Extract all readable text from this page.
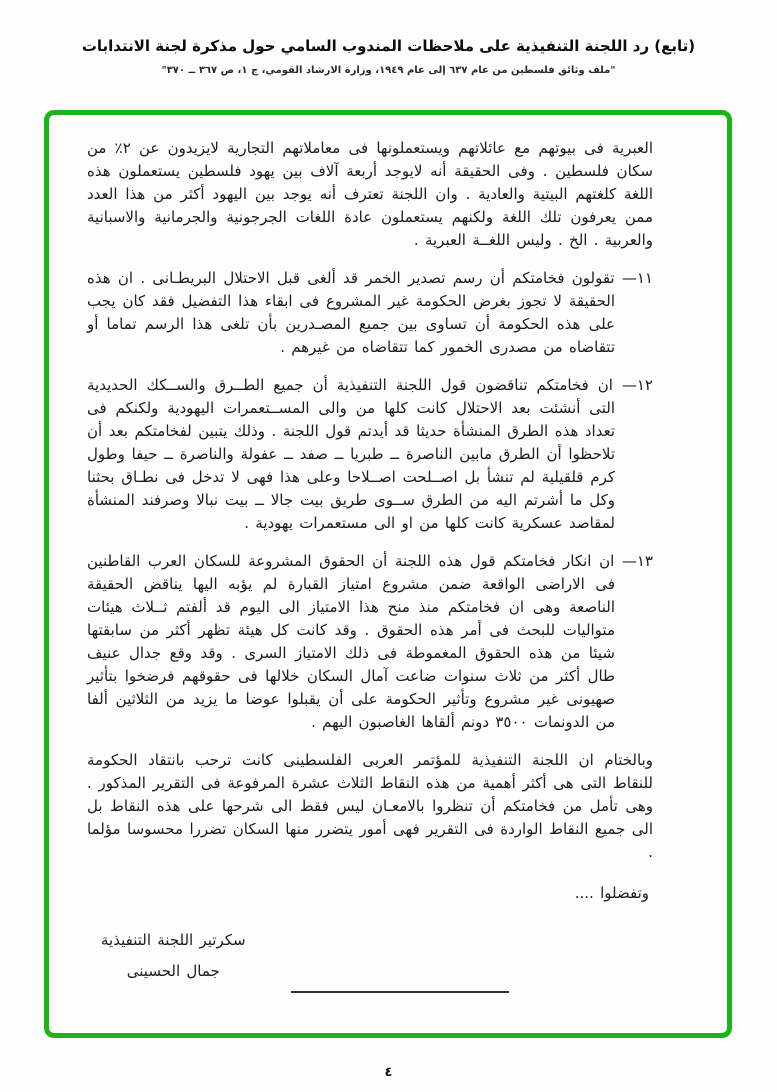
(تابع) رد اللجنة التنفيذية على ملاحظات المندوب السامي حول مذكرة لجنة الانتدابات
"ملف وثائق فلسطين من عام ٦٣٧ إلى عام ١٩٤٩، وزارة الارشاد القومي، ج ١، ص ٣٦٧ ــ ٣٧٠"
العبرية فى بيوتهم مع عائلاتهم ويستعملونها فى معاملاتهم التجارية لايزيدون عن ٢٪ من سكان فلسطين . وفى الحقيقة أنه لايوجد أربعة آلاف بين يهود فلسطين يستعملون هذه اللغة كلغتهم البيتية والعادية . وان اللجنة تعترف أنه يوجد بين اليهود أكثر من هذا العدد ممن يعرفون تلك اللغة ولكنهم يستعملون عادة اللغات الجرجونية والجرمانية والاسبانية والعربية . الخ . وليس اللغــة العبرية .
١١— تقولون فخامتكم أن رسم تصدير الخمر قد ألغى قبل الاحتلال البريطـانى . ان هذه الحقيقة لا تجوز بغرض الحكومة غير المشروع فى ابقاء هذا التفضيل فقد كان يجب على هذه الحكومة أن تساوى بين جميع المصـدرين بأن تلغى هذا الرسم تماما أو تتقاضاه من مصدرى الخمور كما تتقاضاه من غيرهم .
١٢— ان فخامتكم تناقضون قول اللجنة التنفيذية أن جميع الطــرق والســكك الحديدية التى أنشئت بعد الاحتلال كانت كلها من والى المســتعمرات اليهودية ولكنكم فى تعداد هذه الطرق المنشأة حديثا قد أيدتم قول اللجنة . وذلك يتبين لفخامتكم بعد أن تلاحظوا أن الطرق مابين الناصرة ــ طبريا ــ صفد ــ عفولة والناصرة ــ حيفا وطول كرم قلقيلية لم تنشأ بل اصــلحت اصــلاحا وعلى هذا فهى لا تدخل فى نطـاق بحثنا وكل ما أشرتم اليه من الطرق ســوى طريق بيت جالا ــ بيت نبالا وصرفند المنشأة لمقاصد عسكرية كانت كلها من او الى مستعمرات يهودية .
١٣— ان انكار فخامتكم قول هذه اللجنة أن الحقوق المشروعة للسكان العرب القاطنين فى الاراضى الواقعة ضمن مشروع امتياز القبارة لم يؤبه اليها يناقض الحقيقة الناصعة وهى ان فخامتكم منذ منح هذا الامتياز الى اليوم قد ألفتم ثــلاث هيئات متواليات للبحث فى أمر هذه الحقوق . وقد كانت كل هيئة تظهر أكثر من سابقتها شيئا من هذه الحقوق المغموطة فى ذلك الامتياز السرى . وقد وقع جدال عنيف طال أكثر من ثلاث سنوات ضاعت آمال السكان خلالها فى حقوقهم فرضخوا بتأثير صهيونى غير مشروع وتأثير الحكومة على أن يقبلوا عوضا ما يزيد من الثلاثين ألفا من الدونمات ٣٥٠٠ دونم ألقاها الغاصبون اليهم .
وبالختام ان اللجنة التنفيذية للمؤتمر العربى الفلسطينى كانت ترحب بانتقاد الحكومة للنقاط التى هى أكثر أهمية من هذه النقاط الثلاث عشرة المرفوعة فى التقرير المذكور . وهى تأمل من فخامتكم أن تنظروا بالامعـان ليس فقط الى شرحها على هذه النقاط بل الى جميع النقاط الواردة فى التقرير فهى أمور يتضرر منها السكان تضررا محسوسا مؤلما .
وتفضلوا ....
سكرتير اللجنة التنفيذية
جمال الحسينى
٤
